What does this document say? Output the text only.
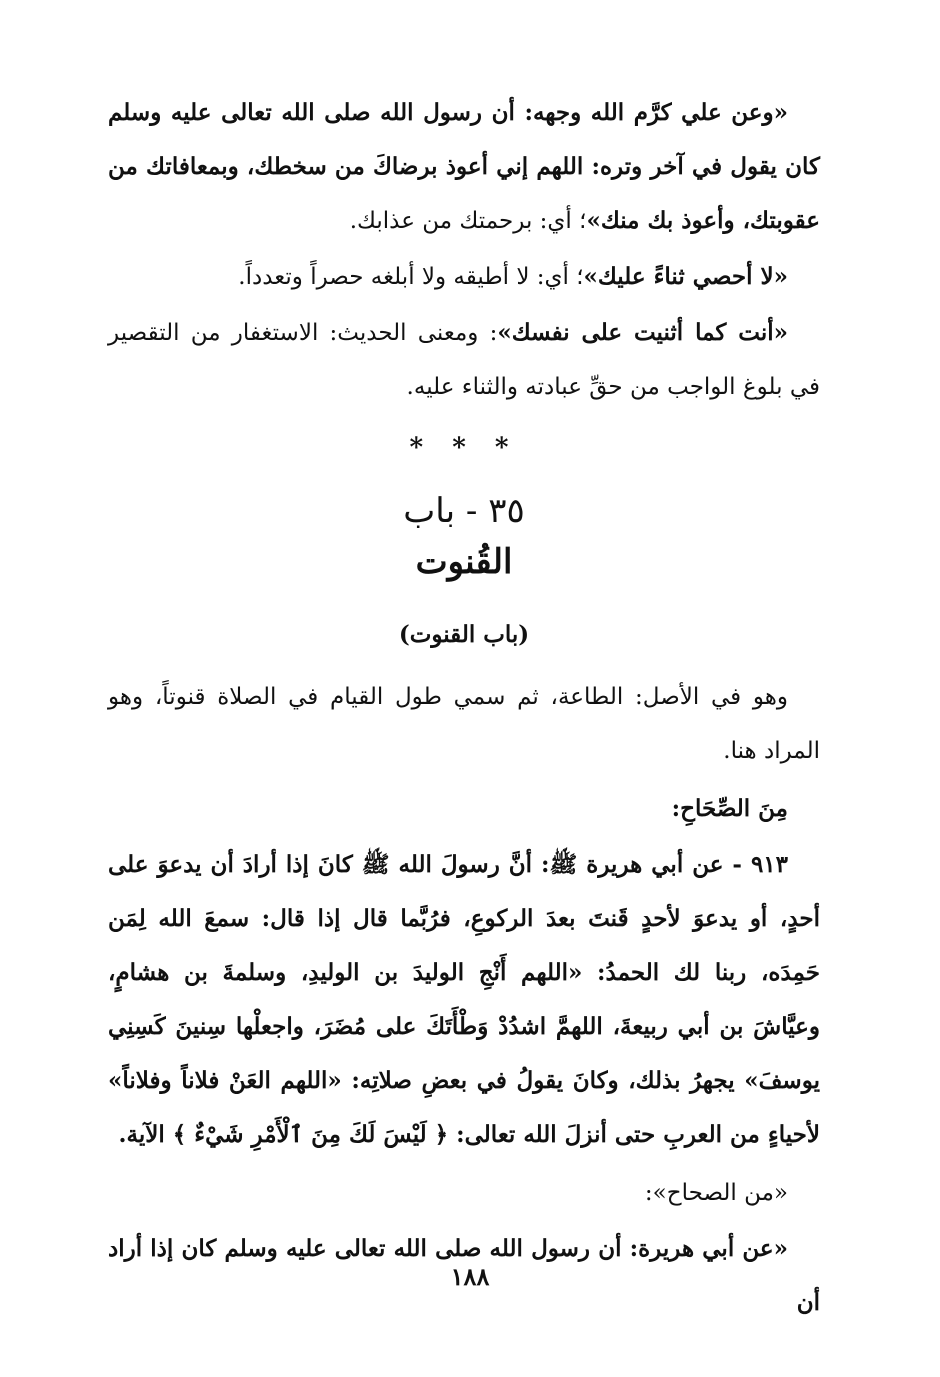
«وعن علي كرَّم الله وجهه: أن رسول الله صلى الله تعالى عليه وسلم كان يقول في آخر وتره: اللهم إني أعوذ برضاكَ من سخطك، وبمعافاتك من عقوبتك، وأعوذ بك منك»؛ أي: برحمتك من عذابك.

«لا أحصي ثناءً عليك»؛ أي: لا أطيقه ولا أبلغه حصراً وتعدداً.

«أنت كما أثنيت على نفسك»: ومعنى الحديث: الاستغفار من التقصير في بلوغ الواجب من حقِّ عبادته والثناء عليه.

* * *
٣٥ - باب
القُنوت
(باب القنوت)

وهو في الأصل: الطاعة، ثم سمي طول القيام في الصلاة قنوتاً، وهو المراد هنا.

مِنَ الصِّحَاحِ:

٩١٣ - عن أبي هريرة ﷺ: أنَّ رسولَ الله ﷺ كانَ إذا أرادَ أن يدعوَ على أحدٍ، أو يدعوَ لأحدٍ قَنتَ بعدَ الركوعِ، فرُبَّما قال إذا قال: سمعَ الله لِمَن حَمِدَه، ربنا لك الحمدُ: «اللهم أَنْجِ الوليدَ بن الوليدِ، وسلمةَ بن هشامٍ، وعيَّاشَ بن أبي ربيعةَ، اللهمَّ اشدُدْ وَطْأَتَكَ على مُضَرَ، واجعلْها سِنينَ كَسِنِي يوسفَ» يجهرُ بذلك، وكانَ يقولُ في بعضِ صلاتِه: «اللهم العَنْ فلاناً وفلاناً» لأحياءٍ من العربِ حتى أنزلَ الله تعالى: ﴿ لَيْسَ لَكَ مِنَ ٱلْأَمْرِ شَيْءٌ ﴾ الآية.

«من الصحاح»:

«عن أبي هريرة: أن رسول الله صلى الله تعالى عليه وسلم كان إذا أراد أن

١٨٨
